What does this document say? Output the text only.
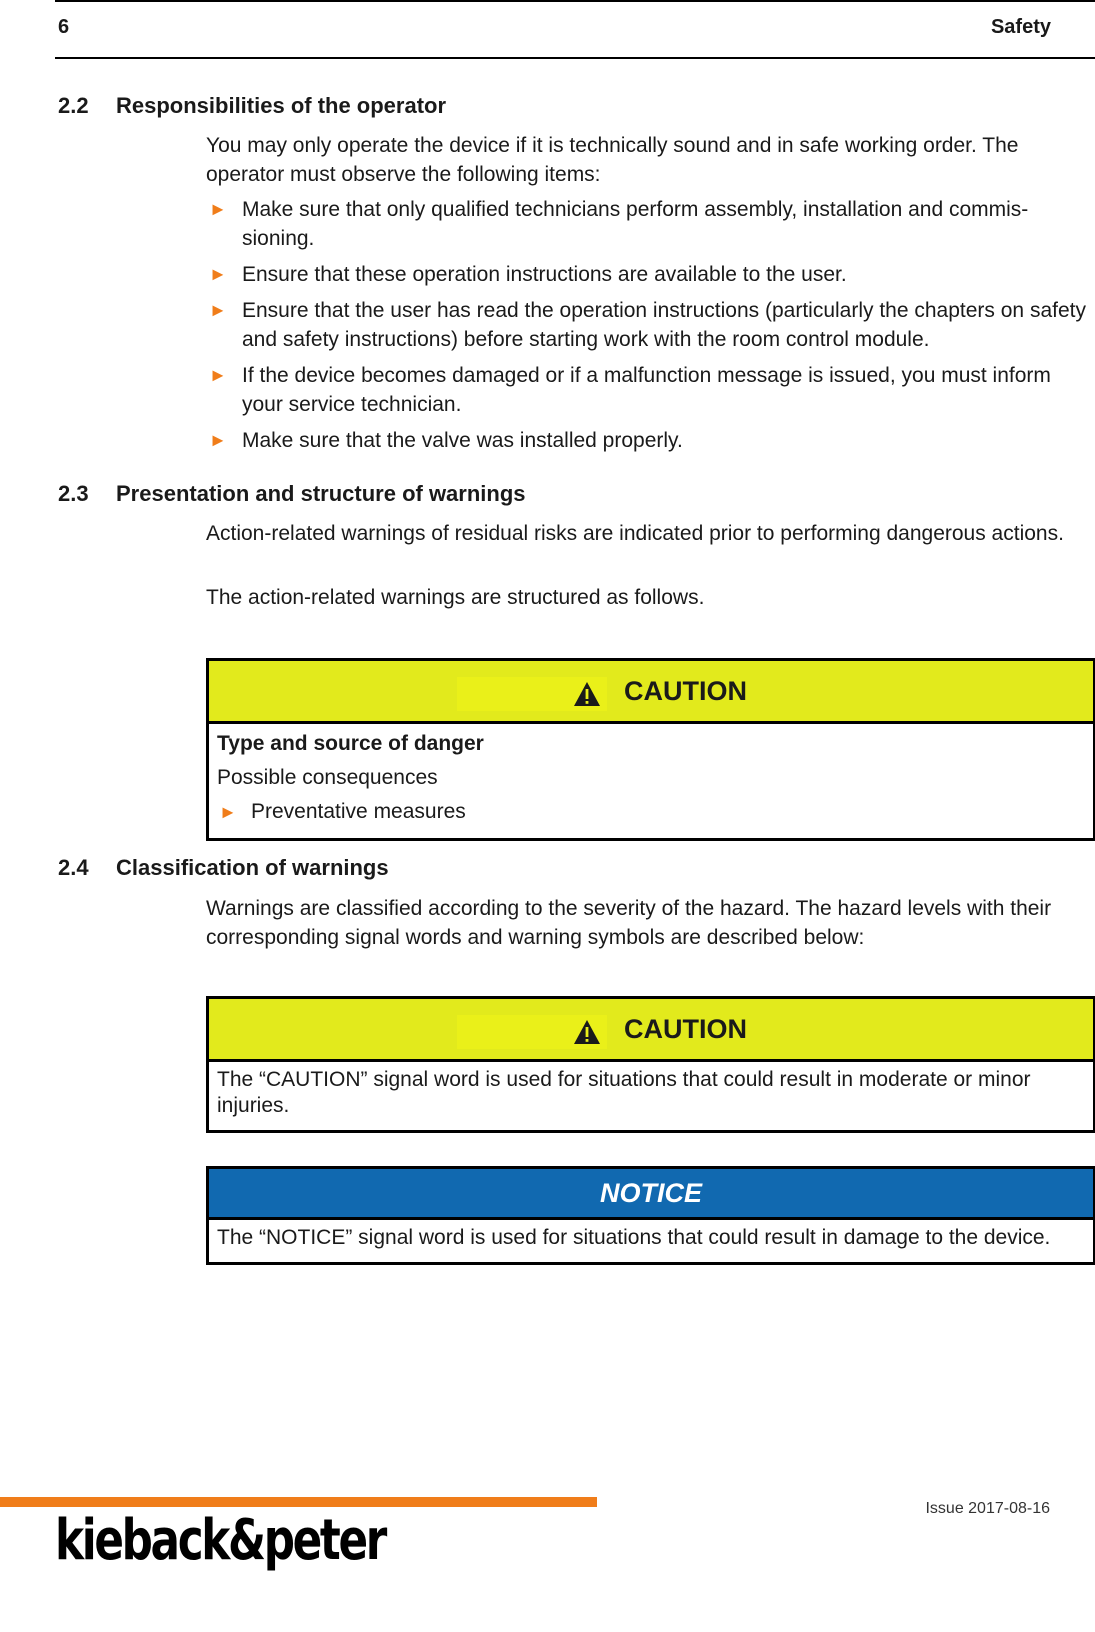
6	Safety
2.2 Responsibilities of the operator
You may only operate the device if it is technically sound and in safe working order. The operator must observe the following items:
► Make sure that only qualified technicians perform assembly, installation and commis-sioning.
► Ensure that these operation instructions are available to the user.
► Ensure that the user has read the operation instructions (particularly the chapters on safety and safety instructions) before starting work with the room control module.
► If the device becomes damaged or if a malfunction message is issued, you must inform your service technician.
► Make sure that the valve was installed properly.
2.3 Presentation and structure of warnings
Action-related warnings of residual risks are indicated prior to performing dangerous actions.
The action-related warnings are structured as follows.
CAUTION
Type and source of danger
Possible consequences
► Preventative measures
2.4 Classification of warnings
Warnings are classified according to the severity of the hazard. The hazard levels with their corresponding signal words and warning symbols are described below:
CAUTION
The “CAUTION” signal word is used for situations that could result in moderate or minor injuries.
NOTICE
The “NOTICE” signal word is used for situations that could result in damage to the device.
Issue 2017-08-16
kieback&peter
